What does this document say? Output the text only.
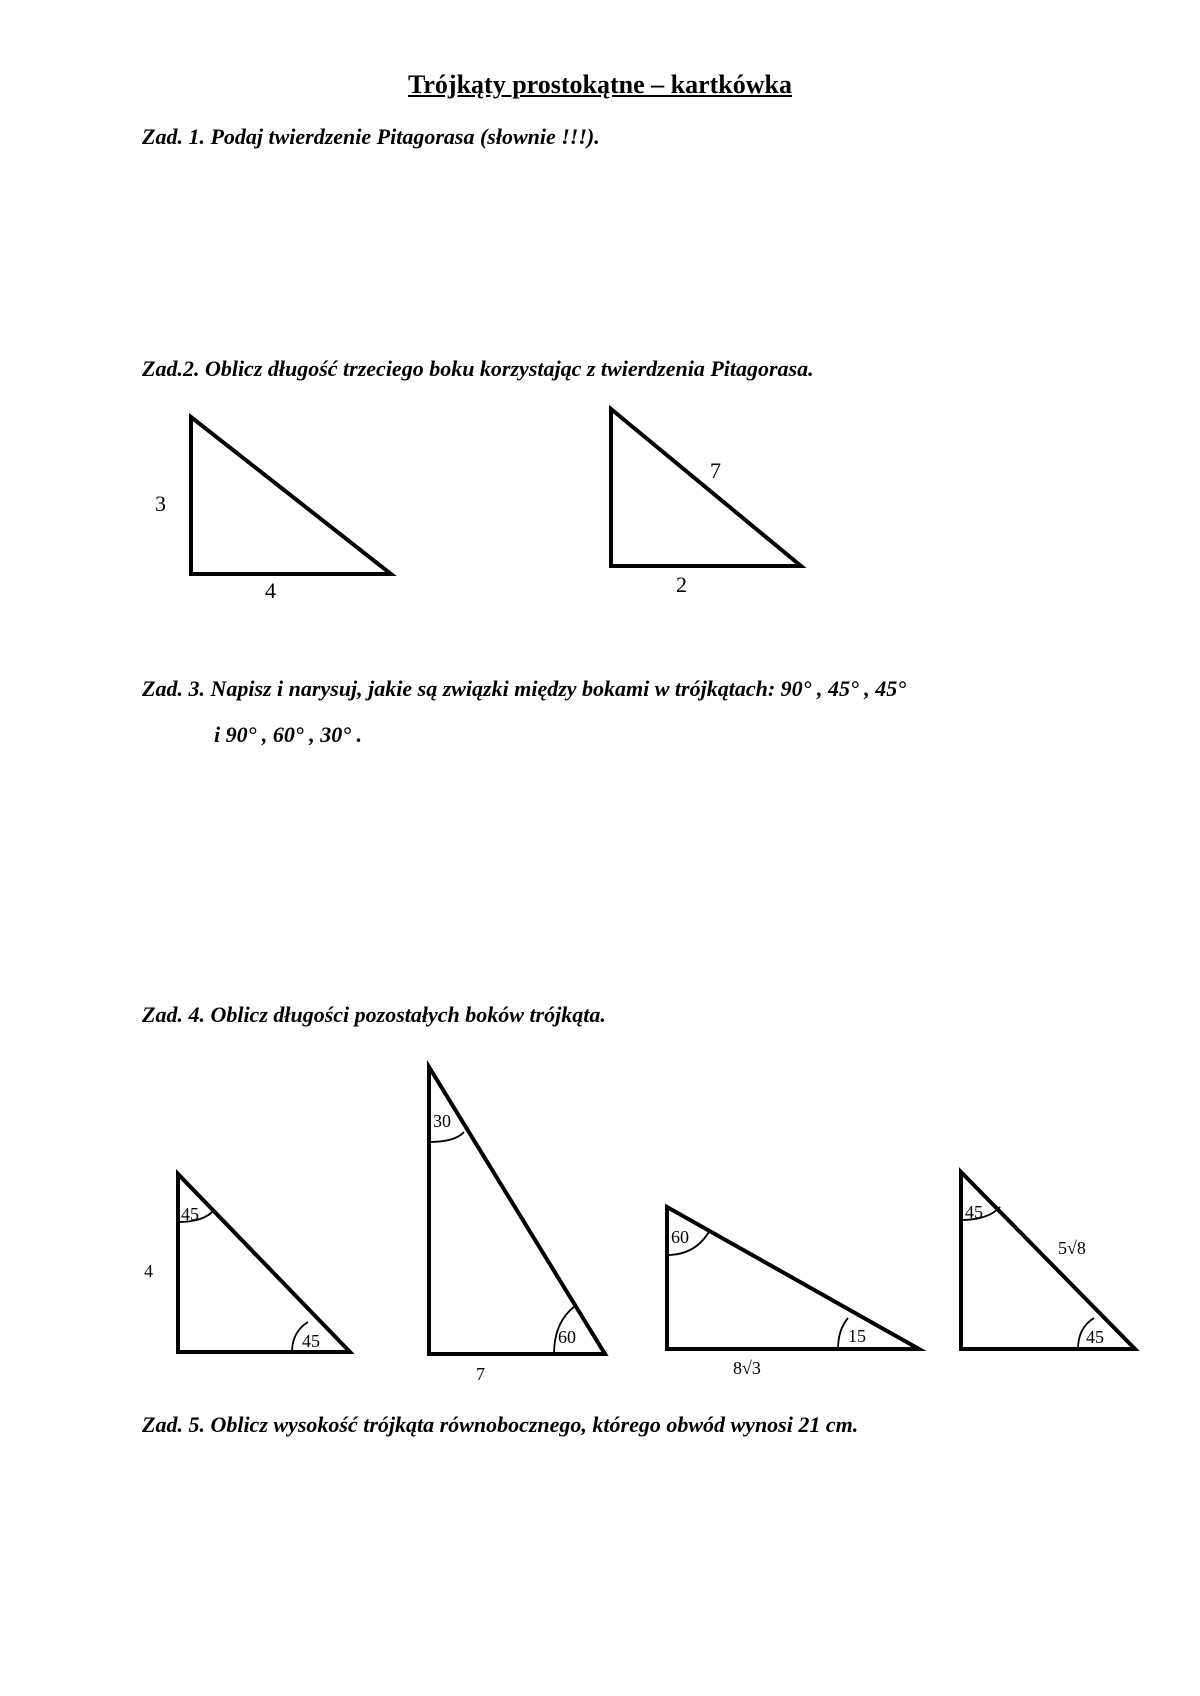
Trójkąty prostokątne – kartkówka
Zad. 1. Podaj twierdzenie Pitagorasa (słownie !!!).
Zad.2. Oblicz długość trzeciego boku korzystając z twierdzenia Pitagorasa.
Zad. 3. Napisz i narysuj, jakie są związki między bokami w trójkątach: 90° , 45° , 45°
i 90° , 60° , 30° .
Zad. 4. Oblicz długości pozostałych boków trójkąta.
Zad. 5. Oblicz wysokość trójkąta równobocznego, którego obwód wynosi 21 cm.
3
4
7
2
45
45
4
30
60
7
60
15
8√3
45
45
5√8
